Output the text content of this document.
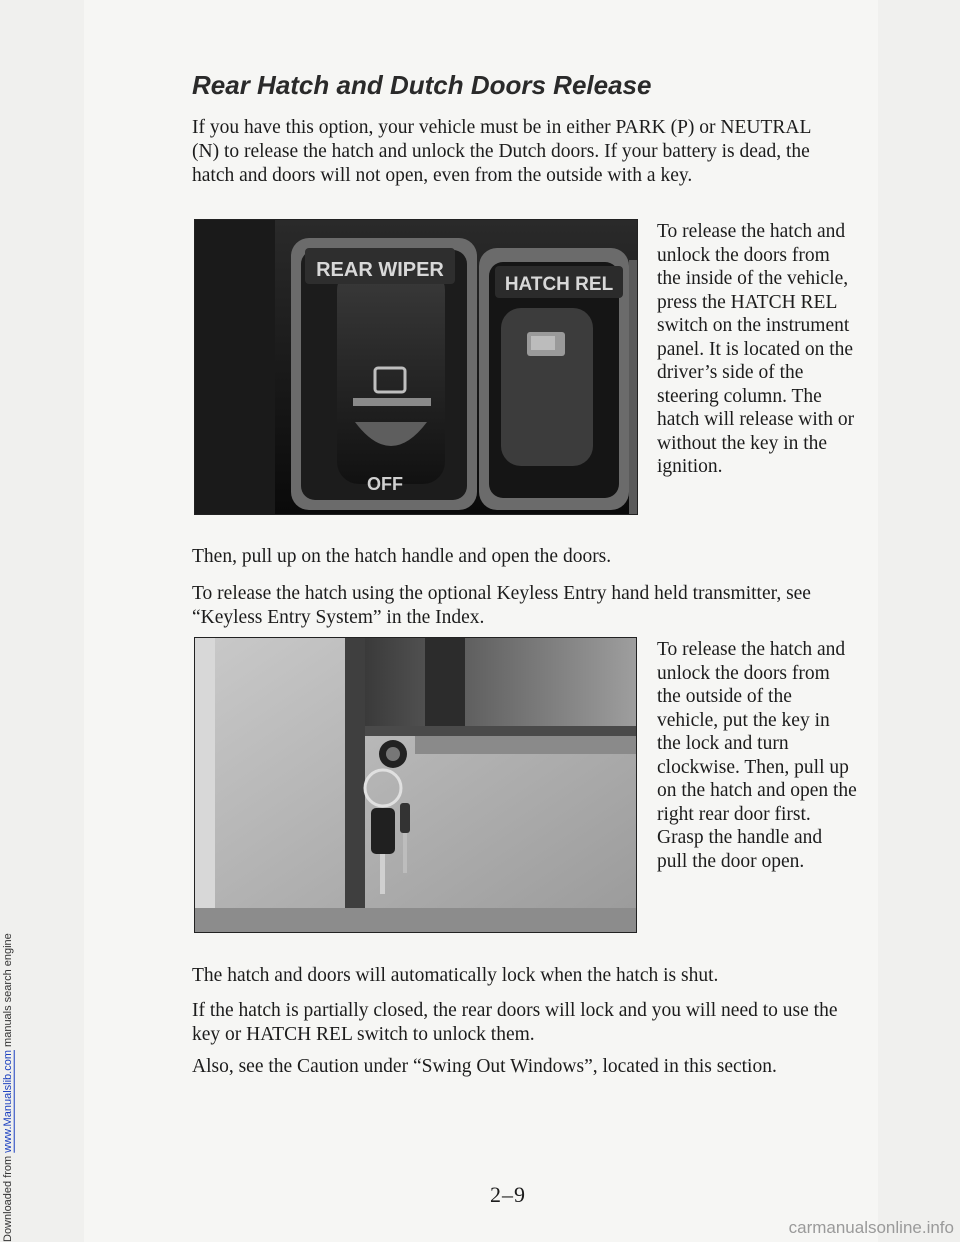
Downloaded from www.Manualslib.com manuals search engine
Rear Hatch and Dutch Doors Release

If you have this option, your vehicle must be in either PARK (P) or NEUTRAL (N) to release the hatch and unlock the Dutch doors. If your battery is dead, the hatch and doors will not open, even from the outside with a key.

REAR WIPER
OFF
HATCH REL

To release the hatch and unlock the doors from the inside of the vehicle, press the HATCH REL switch on the instrument panel. It is located on the driver’s side of the steering column. The hatch will release with or without the key in the ignition.

Then, pull up on the hatch handle and open the doors.

To release the hatch using the optional Keyless Entry hand held transmitter, see “Keyless Entry System” in the Index.

To release the hatch and unlock the doors from the outside of the vehicle, put the key in the lock and turn clockwise. Then, pull up on the hatch and open the right rear door first. Grasp the handle and pull the door open.

The hatch and doors will automatically lock when the hatch is shut.

If the hatch is partially closed, the rear doors will lock and you will need to use the key or HATCH REL switch to unlock them.

Also, see the Caution under “Swing Out Windows”, located in this section.

2–9
carmanualsonline.info
